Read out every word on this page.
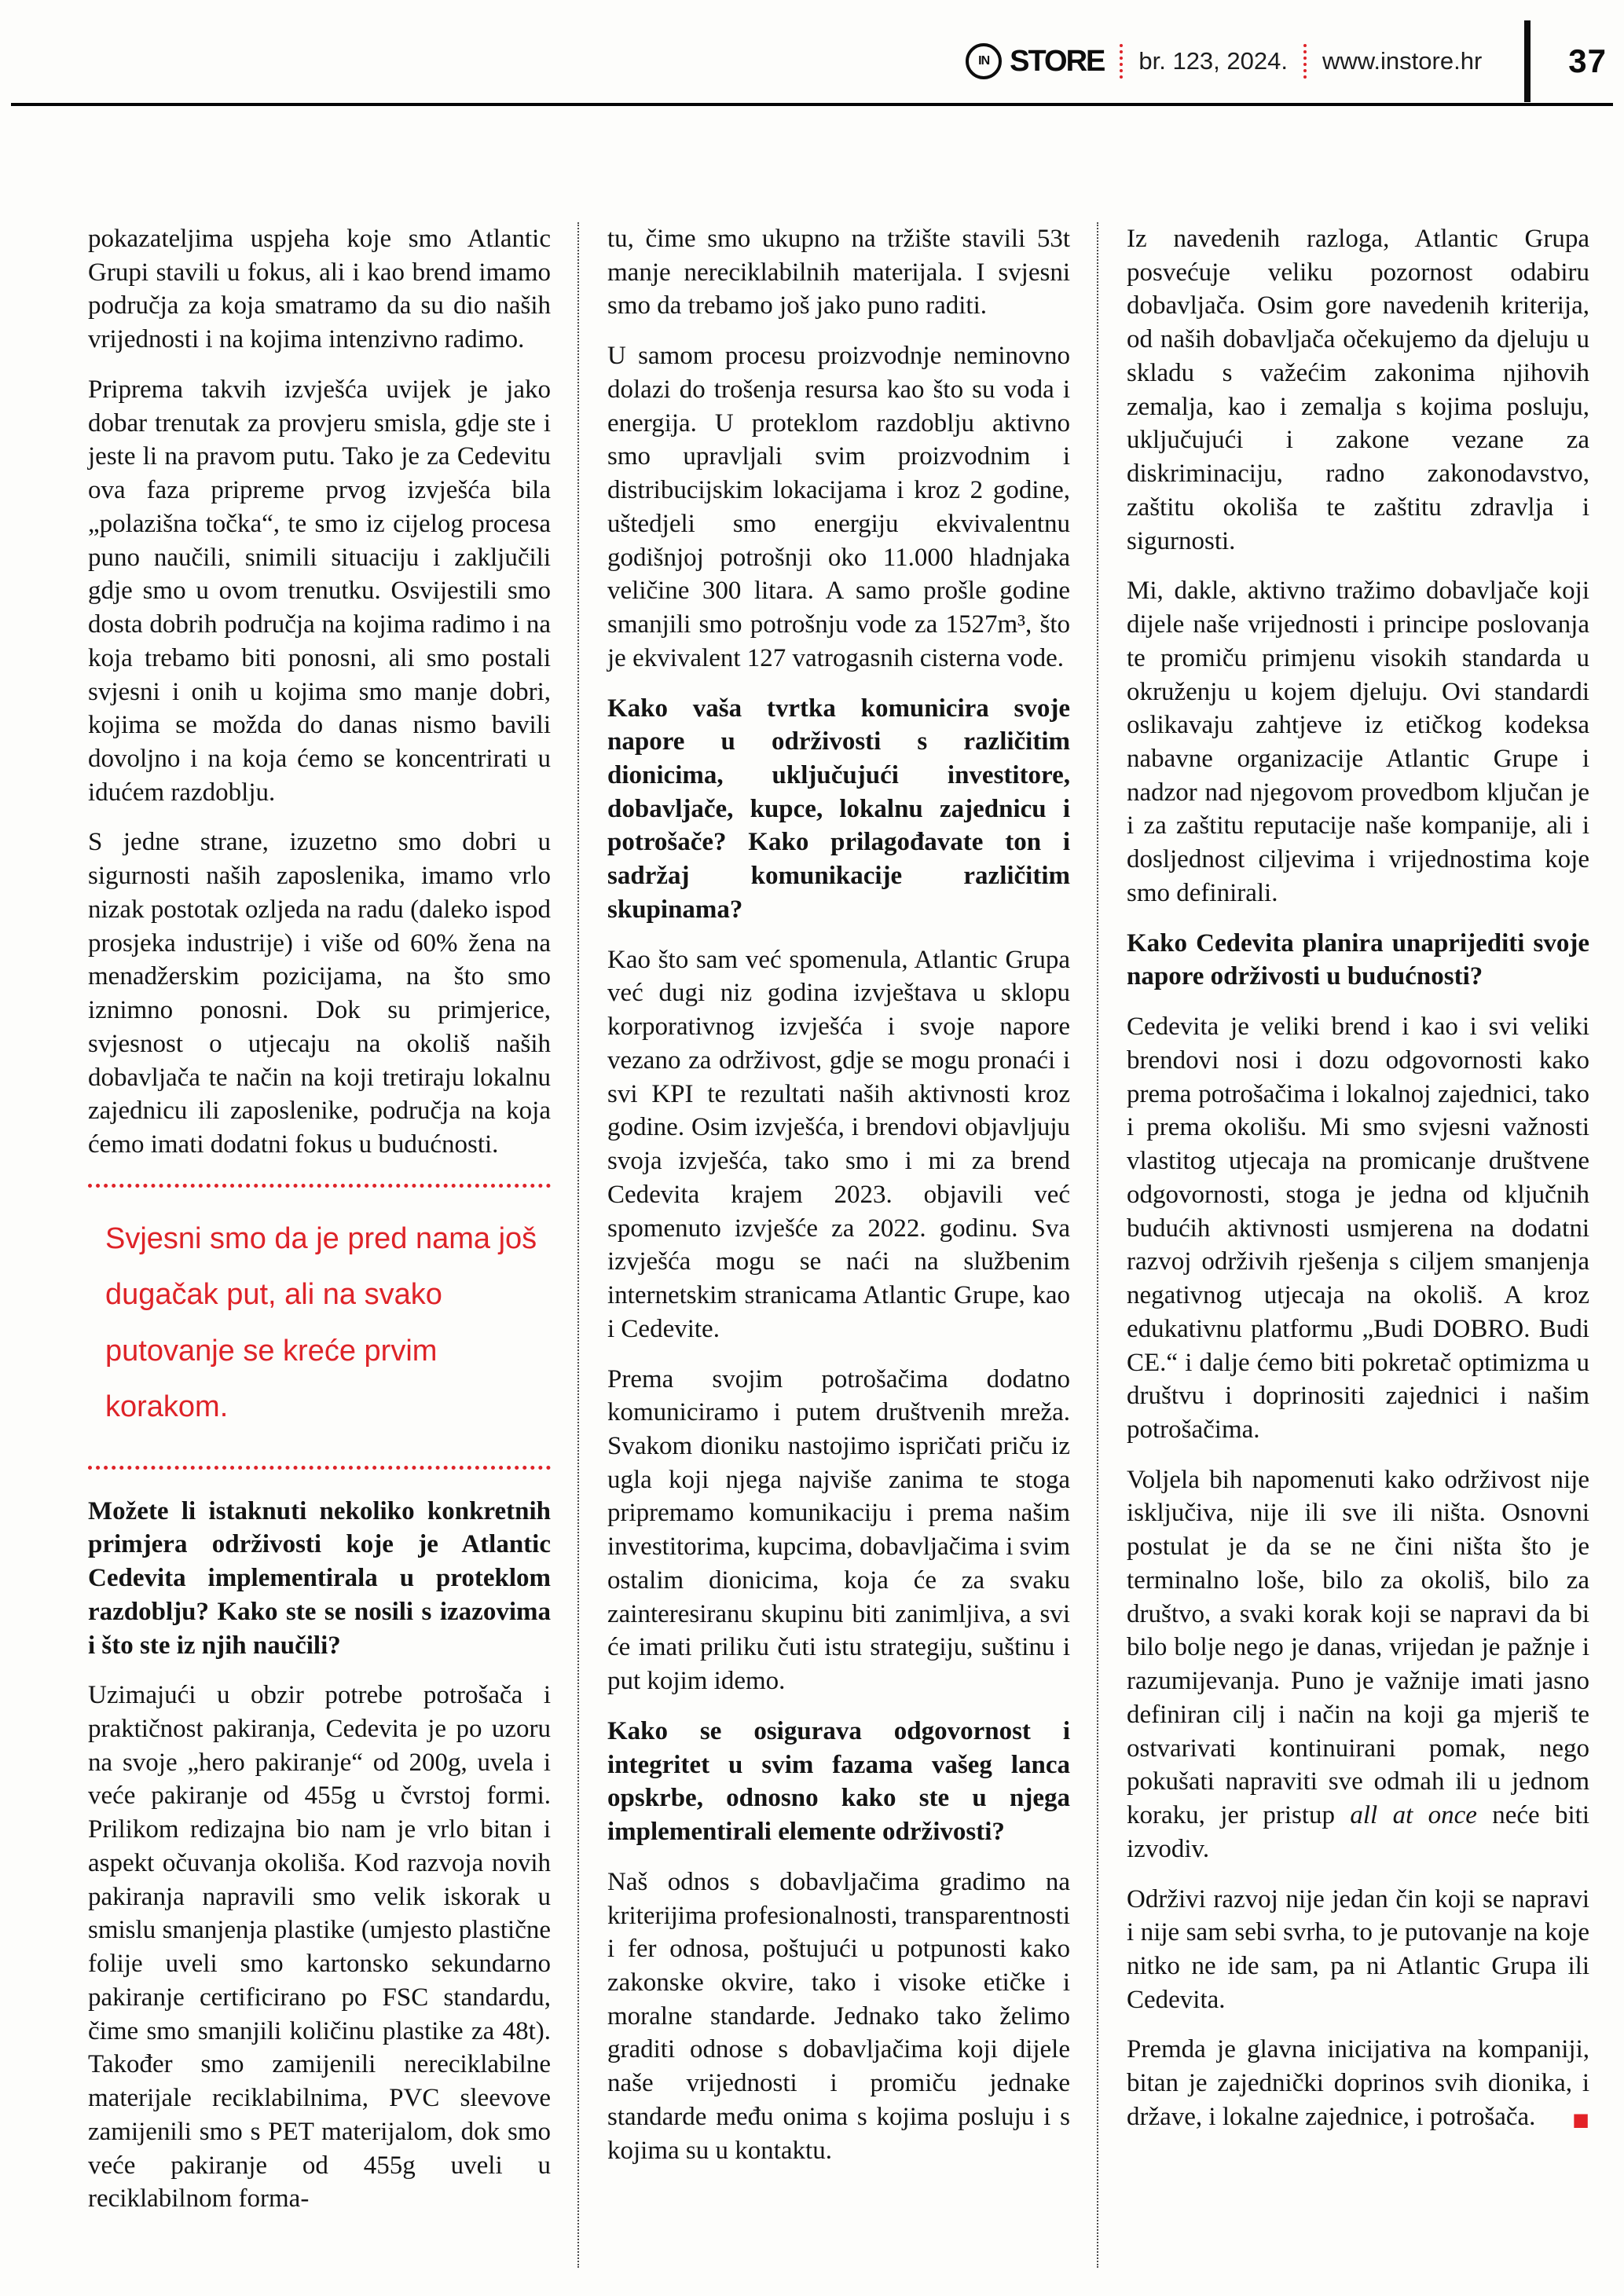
IN STORE br. 123, 2024. www.instore.hr	37

pokazateljima uspjeha koje smo Atlantic Grupi stavili u fokus, ali i kao brend imamo područja za koja smatramo da su dio naših vrijednosti i na kojima intenzivno radimo.

Priprema takvih izvješća uvijek je jako dobar trenutak za provjeru smisla, gdje ste i jeste li na pravom putu. Tako je za Cedevitu ova faza pripreme prvog izvješća bila „polazišna točka“, te smo iz cijelog procesa puno naučili, snimili situaciju i zaključili gdje smo u ovom trenutku. Osvijestili smo dosta dobrih područja na kojima radimo i na koja trebamo biti ponosni, ali smo postali svjesni i onih u kojima smo manje dobri, kojima se možda do danas nismo bavili dovoljno i na koja ćemo se koncentrirati u idućem razdoblju.

S jedne strane, izuzetno smo dobri u sigurnosti naših zaposlenika, imamo vrlo nizak postotak ozljeda na radu (daleko ispod prosjeka industrije) i više od 60% žena na menadžerskim pozicijama, na što smo iznimno ponosni. Dok su primjerice, svjesnost o utjecaju na okoliš naših dobavljača te način na koji tretiraju lokalnu zajednicu ili zaposlenike, područja na koja ćemo imati dodatni fokus u budućnosti.

Svjesni smo da je pred nama još dugačak put, ali na svako putovanje se kreće prvim korakom.

Možete li istaknuti nekoliko konkretnih primjera održivosti koje je Atlantic Cedevita implementirala u proteklom razdoblju? Kako ste se nosili s izazovima i što ste iz njih naučili?

Uzimajući u obzir potrebe potrošača i praktičnost pakiranja, Cedevita je po uzoru na svoje „hero pakiranje“ od 200g, uvela i veće pakiranje od 455g u čvrstoj formi. Prilikom redizajna bio nam je vrlo bitan i aspekt očuvanja okoliša. Kod razvoja novih pakiranja napravili smo velik iskorak u smislu smanjenja plastike (umjesto plastične folije uveli smo kartonsko sekundarno pakiranje certificirano po FSC standardu, čime smo smanjili količinu plastike za 48t). Također smo zamijenili nereciklabilne materijale reciklabilnima, PVC sleevove zamijenili smo s PET materijalom, dok smo veće pakiranje od 455g uveli u reciklabilnom forma-

tu, čime smo ukupno na tržište stavili 53t manje nereciklabilnih materijala. I svjesni smo da trebamo još jako puno raditi.

U samom procesu proizvodnje neminovno dolazi do trošenja resursa kao što su voda i energija. U proteklom razdoblju aktivno smo upravljali svim proizvodnim i distribucijskim lokacijama i kroz 2 godine, uštedjeli smo energiju ekvivalentnu godišnjoj potrošnji oko 11.000 hladnjaka veličine 300 litara. A samo prošle godine smanjili smo potrošnju vode za 1527m³, što je ekvivalent 127 vatrogasnih cisterna vode.

Kako vaša tvrtka komunicira svoje napore u održivosti s različitim dionicima, uključujući investitore, dobavljače, kupce, lokalnu zajednicu i potrošače? Kako prilagođavate ton i sadržaj komunikacije različitim skupinama?

Kao što sam već spomenula, Atlantic Grupa već dugi niz godina izvještava u sklopu korporativnog izvješća i svoje napore vezano za održivost, gdje se mogu pronaći i svi KPI te rezultati naših aktivnosti kroz godine. Osim izvješća, i brendovi objavljuju svoja izvješća, tako smo i mi za brend Cedevita krajem 2023. objavili već spomenuto izvješće za 2022. godinu. Sva izvješća mogu se naći na službenim internetskim stranicama Atlantic Grupe, kao i Cedevite.

Prema svojim potrošačima dodatno komuniciramo i putem društvenih mreža. Svakom dioniku nastojimo ispričati priču iz ugla koji njega najviše zanima te stoga pripremamo komunikaciju i prema našim investitorima, kupcima, dobavljačima i svim ostalim dionicima, koja će za svaku zainteresiranu skupinu biti zanimljiva, a svi će imati priliku čuti istu strategiju, suštinu i put kojim idemo.

Kako se osigurava odgovornost i integritet u svim fazama vašeg lanca opskrbe, odnosno kako ste u njega implementirali elemente održivosti?

Naš odnos s dobavljačima gradimo na kriterijima profesionalnosti, transparentnosti i fer odnosa, poštujući u potpunosti kako zakonske okvire, tako i visoke etičke i moralne standarde. Jednako tako želimo graditi odnose s dobavljačima koji dijele naše vrijednosti i promiču jednake standarde među onima s kojima posluju i s kojima su u kontaktu.

Iz navedenih razloga, Atlantic Grupa posvećuje veliku pozornost odabiru dobavljača. Osim gore navedenih kriterija, od naših dobavljača očekujemo da djeluju u skladu s važećim zakonima njihovih zemalja, kao i zemalja s kojima posluju, uključujući i zakone vezane za diskriminaciju, radno zakonodavstvo, zaštitu okoliša te zaštitu zdravlja i sigurnosti.

Mi, dakle, aktivno tražimo dobavljače koji dijele naše vrijednosti i principe poslovanja te promiču primjenu visokih standarda u okruženju u kojem djeluju. Ovi standardi oslikavaju zahtjeve iz etičkog kodeksa nabavne organizacije Atlantic Grupe i nadzor nad njegovom provedbom ključan je i za zaštitu reputacije naše kompanije, ali i dosljednost ciljevima i vrijednostima koje smo definirali.

Kako Cedevita planira unaprijediti svoje napore održivosti u budućnosti?

Cedevita je veliki brend i kao i svi veliki brendovi nosi i dozu odgovornosti kako prema potrošačima i lokalnoj zajednici, tako i prema okolišu. Mi smo svjesni važnosti vlastitog utjecaja na promicanje društvene odgovornosti, stoga je jedna od ključnih budućih aktivnosti usmjerena na dodatni razvoj održivih rješenja s ciljem smanjenja negativnog utjecaja na okoliš. A kroz edukativnu platformu „Budi DOBRO. Budi CE.“ i dalje ćemo biti pokretač optimizma u društvu i doprinositi zajednici i našim potrošačima.

Voljela bih napomenuti kako održivost nije isključiva, nije ili sve ili ništa. Osnovni postulat je da se ne čini ništa što je terminalno loše, bilo za okoliš, bilo za društvo, a svaki korak koji se napravi da bi bilo bolje nego je danas, vrijedan je pažnje i razumijevanja. Puno je važnije imati jasno definiran cilj i način na koji ga mjeriš te ostvarivati kontinuirani pomak, nego pokušati napraviti sve odmah ili u jednom koraku, jer pristup all at once neće biti izvodiv.

Održivi razvoj nije jedan čin koji se napravi i nije sam sebi svrha, to je putovanje na koje nitko ne ide sam, pa ni Atlantic Grupa ili Cedevita.

Premda je glavna inicijativa na kompaniji, bitan je zajednički doprinos svih dionika, i države, i lokalne zajednice, i potrošača. ■
